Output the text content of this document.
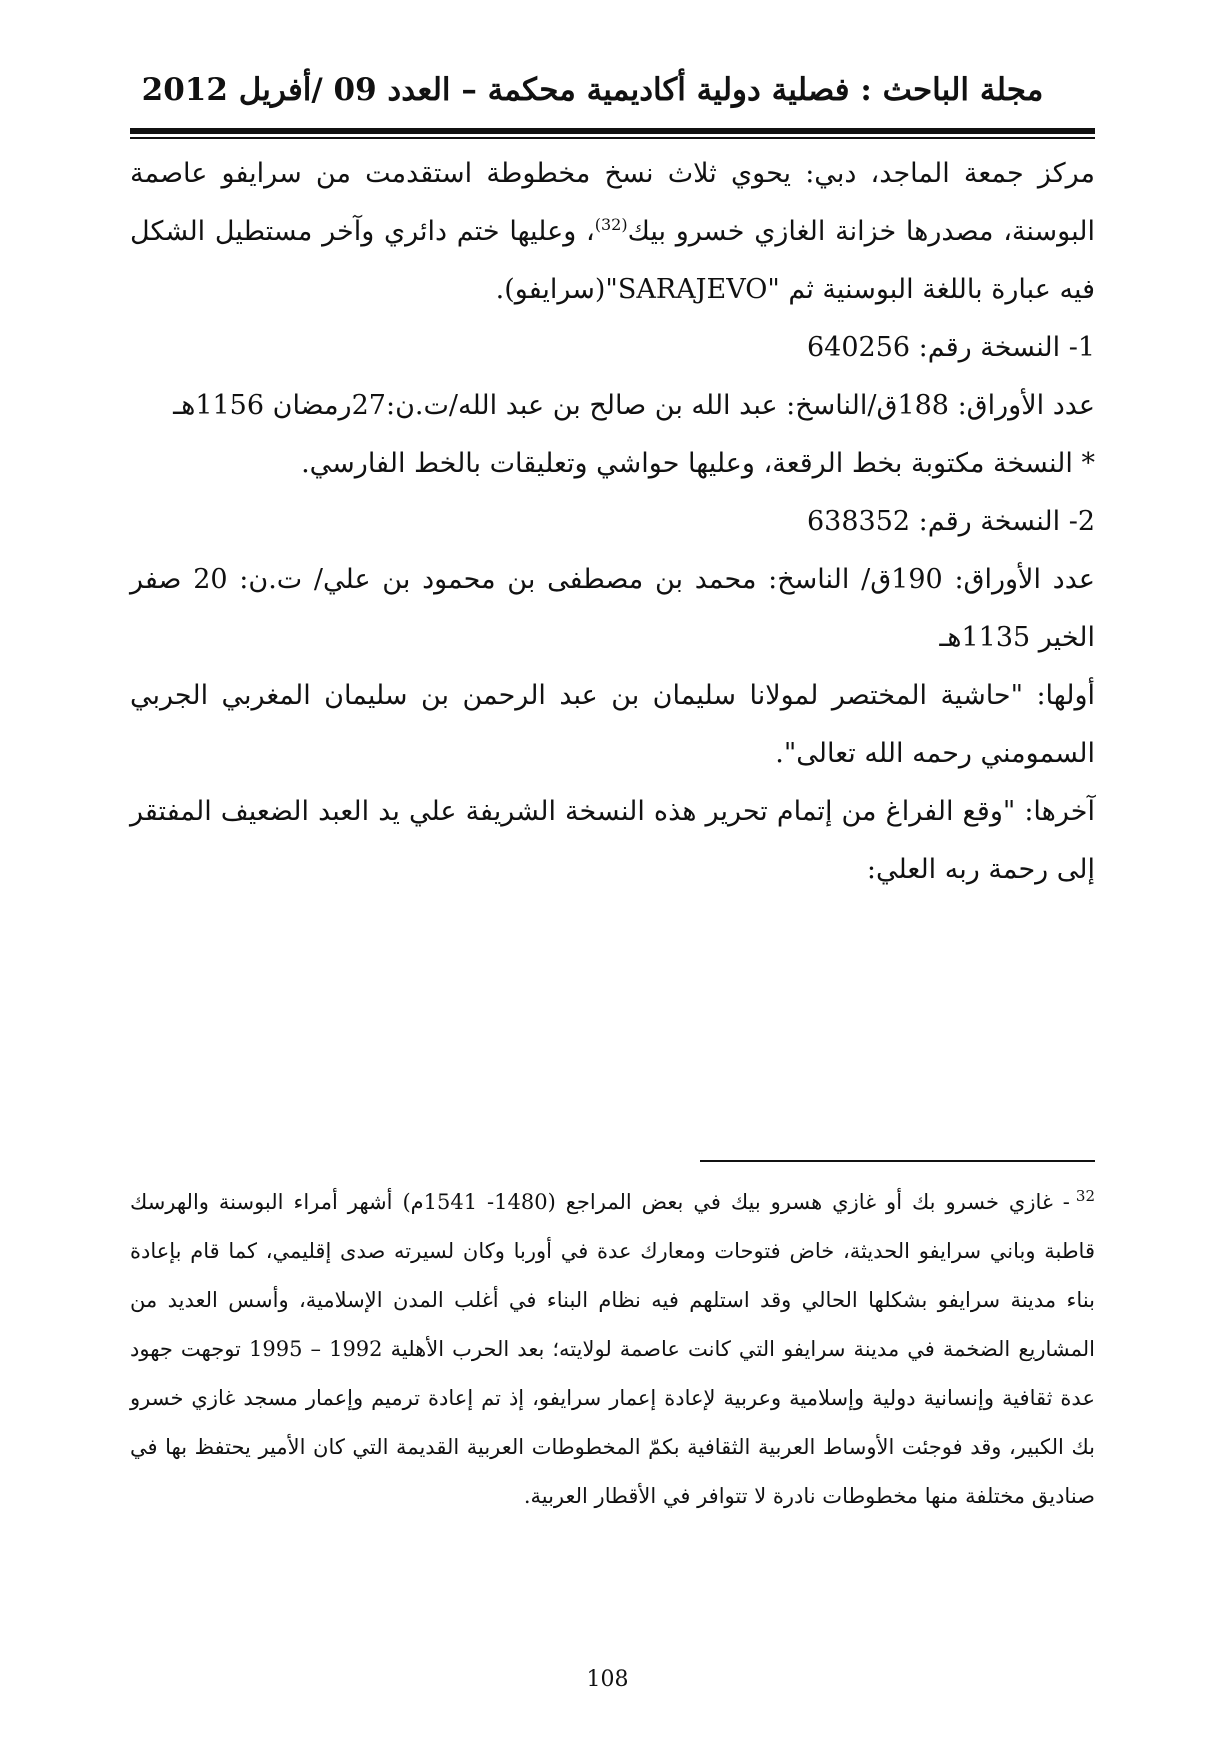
مجلة الباحث : فصلية دولية أكاديمية محكمة – العدد 09 /أفريل 2012

مركز جمعة الماجد، دبي: يحوي ثلاث نسخ مخطوطة استقدمت من سرايفو عاصمة البوسنة، مصدرها خزانة الغازي خسرو بيك$^{(32)}$، وعليها ختم دائري وآخر مستطيل الشكل فيه عبارة باللغة البوسنية ثم "SARAJEVO"(سرايفو).

1- النسخة رقم: 640256

عدد الأوراق: 188ق/الناسخ: عبد الله بن صالح بن عبد الله/ت.ن:27رمضان 1156هـ

* النسخة مكتوبة بخط الرقعة، وعليها حواشي وتعليقات بالخط الفارسي.

2- النسخة رقم: 638352

عدد الأوراق: 190ق/ الناسخ: محمد بن مصطفى بن محمود بن علي/ ت.ن: 20 صفر الخير 1135هـ

أولها: "حاشية المختصر لمولانا سليمان بن عبد الرحمن بن سليمان المغربي الجربي السمومني رحمه الله تعالى".

آخرها: "وقع الفراغ من إتمام تحرير هذه النسخة الشريفة علي يد العبد الضعيف المفتقر إلى رحمة ربه العلي:

$^{32}$- غازي خسرو بك أو غازي هسرو بيك في بعض المراجع (1480- 1541م) أشهر أمراء البوسنة والهرسك قاطبة وباني سرايفو الحديثة، خاض فتوحات ومعارك عدة في أوربا وكان لسيرته صدى إقليمي، كما قام بإعادة بناء مدينة سرايفو بشكلها الحالي وقد استلهم فيه نظام البناء في أغلب المدن الإسلامية، وأسس العديد من المشاريع الضخمة في مدينة سرايفو التي كانت عاصمة لولايته؛ بعد الحرب الأهلية 1992 – 1995 توجهت جهود عدة ثقافية وإنسانية دولية وإسلامية وعربية لإعادة إعمار سرايفو، إذ تم إعادة ترميم وإعمار مسجد غازي خسرو بك الكبير، وقد فوجئت الأوساط العربية الثقافية بكمّ المخطوطات العربية القديمة التي كان الأمير يحتفظ بها في صناديق مختلفة منها مخطوطات نادرة لا تتوافر في الأقطار العربية.

108
